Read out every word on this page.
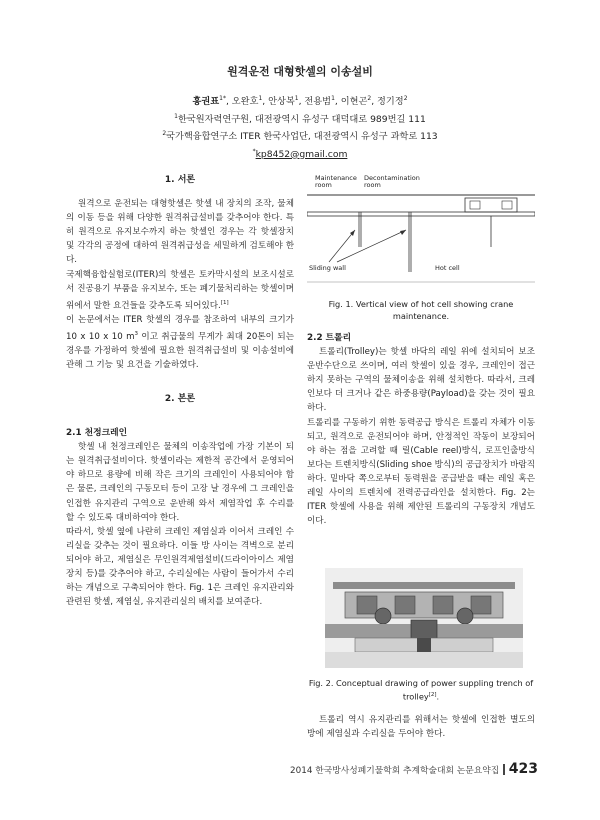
원격운전 대형핫셀의 이송설비
홍권표$^{1*}$, 오완호$^1$, 안상복$^1$, 전용범$^1$, 이현곤$^2$, 정기정$^2$
$^1$한국원자력연구원, 대전광역시 유성구 대덕대로 989번길 111
$^2$국가핵융합연구소 ITER 한국사업단, 대전광역시 유성구 과학로 113
*kp8452@gmail.com
1. 서론

원격으로 운전되는 대형핫셀은 핫셀 내 장치의 조작, 물체의 이동 등을 위해 다양한 원격취급설비를 갖추어야 한다. 특히 원격으로 유지보수까지 하는 핫셀인 경우는 각 핫셀장치 및 각각의 공정에 대하여 원격취급성을 세밀하게 검토해야 한다.

국제핵융합실험로(ITER)의 핫셀은 토카막시설의 보조시설로서 진공용기 부품을 유지보수, 또는 폐기물처리하는 핫셀이며 위에서 말한 요건들을 갖추도록 되어있다.[1]

이 논문에서는 ITER 핫셀의 경우를 참조하여 내부의 크기가 10 x 10 x 10 $m^3$ 이고 취급물의 무게가 최대 20톤이 되는 경우를 가정하여 핫셀에 필요한 원격취급설비 및 이송설비에 관해 그 기능 및 요건을 기술하였다.

2. 본론

2.1 천정크레인

핫셀 내 천정크레인은 물체의 이송작업에 가장 기본이 되는 원격취급설비이다. 핫셀이라는 제한적 공간에서 운영되어야 하므로 용량에 비해 작은 크기의 크레인이 사용되어야 함은 물론, 크레인의 구동모터 등이 고장 날 경우에 그 크레인을 인접한 유지관리 구역으로 운반해 와서 제염작업 후 수리를 할 수 있도록 대비하여야 한다.

따라서, 핫셀 옆에 나란히 크레인 제염실과 이어서 크레인 수리실을 갖추는 것이 필요하다. 이들 방 사이는 격벽으로 분리되어야 하고, 제염실은 무인원격제염설비(드라이아이스 제염장치 등)를 갖추어야 하고, 수리실에는 사람이 들어가서 수리하는 개념으로 구축되어야 한다. Fig. 1은 크레인 유지관리와 관련된 핫셀, 제염실, 유지관리실의 배치를 보여준다.

Maintenance room
Decontamination room
Sliding wall	Hot cell
Fig. 1. Vertical view of hot cell showing crane maintenance.

2.2 트롤리

트롤리(Trolley)는 핫셀 바닥의 레일 위에 설치되어 보조운반수단으로 쓰이며, 여러 핫셀이 있을 경우, 크레인이 접근하지 못하는 구역의 물체이송을 위해 설치한다. 따라서, 크레인보다 더 크거나 같은 하중용량(Payload)을 갖는 것이 필요하다.

트롤리를 구동하기 위한 동력공급 방식은 트롤리 자체가 이동되고, 원격으로 운전되어야 하며, 안정적인 작동이 보장되어야 하는 점을 고려할 때 릴(Cable reel)방식, 로프인출방식 보다는 트렌치방식(Sliding shoe 방식)의 공급장치가 바람직하다. 밑바닥 쪽으로부터 동력원을 공급받을 때는 레일 혹은 레일 사이의 트렌치에 전력공급라인을 설치한다. Fig. 2는 ITER 핫셀에 사용을 위해 제안된 트롤리의 구동장치 개념도이다.

Fig. 2. Conceptual drawing of power suppling trench of trolley[2].

트롤리 역시 유지관리를 위해서는 핫셀에 인접한 별도의 방에 제염실과 수리실을 두어야 한다.

2014 한국방사성폐기물학회 추계학술대회 논문요약집 423
